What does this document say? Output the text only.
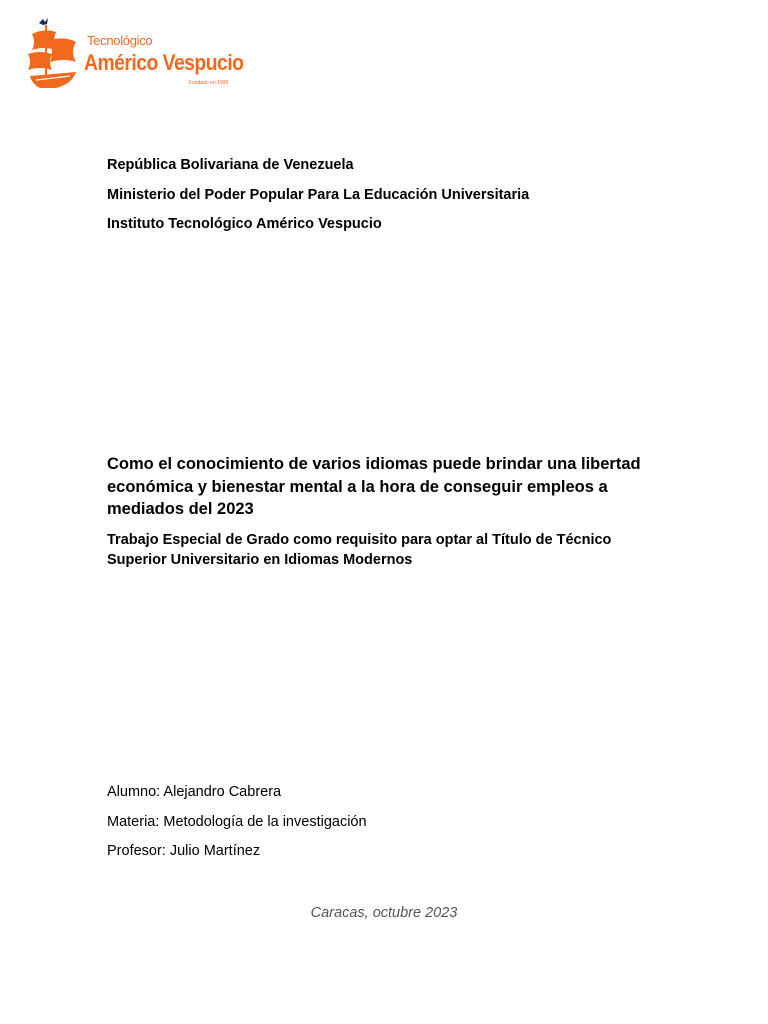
Tecnológico
Américo Vespucio
Fundado en 1999
República Bolivariana de Venezuela
Ministerio del Poder Popular Para La Educación Universitaria
Instituto Tecnológico Américo Vespucio
Como el conocimiento de varios idiomas puede brindar una libertad económica y bienestar mental a la hora de conseguir empleos a mediados del 2023
Trabajo Especial de Grado como requisito para optar al Título de Técnico Superior Universitario en Idiomas Modernos
Alumno: Alejandro Cabrera
Materia: Metodología de la investigación
Profesor: Julio Martínez
Caracas, octubre 2023
